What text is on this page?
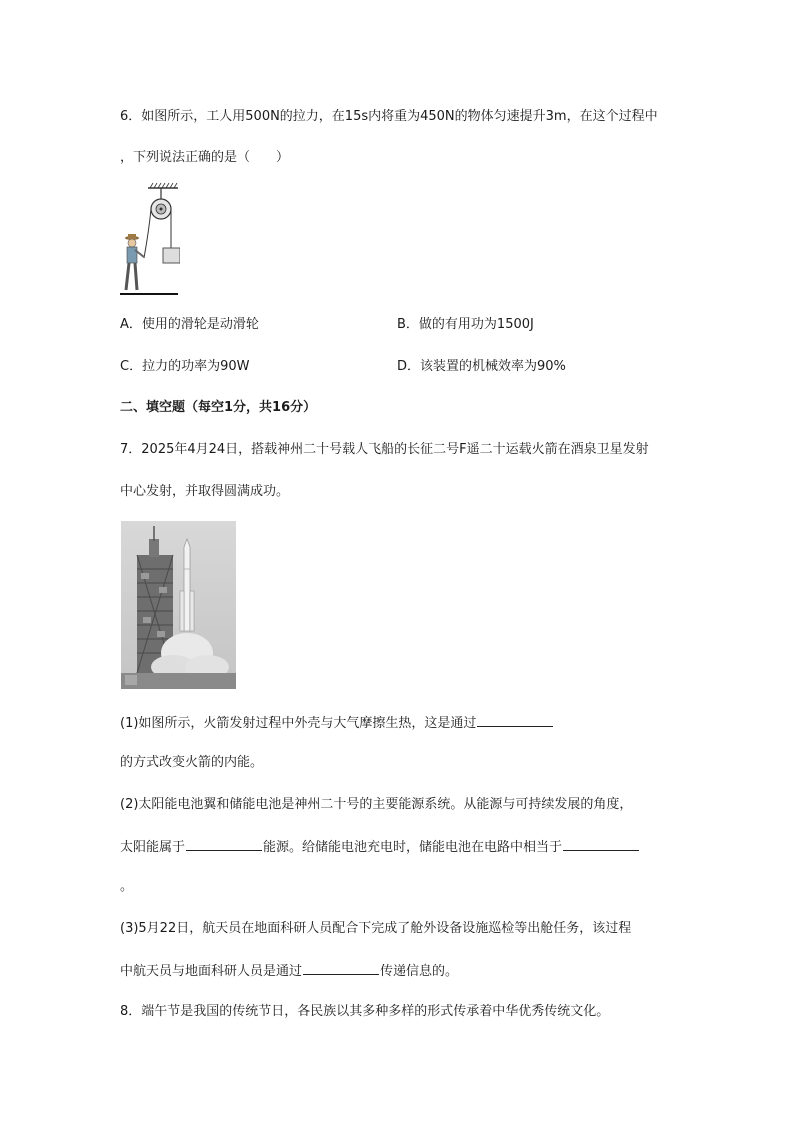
6．如图所示，工人用500N的拉力，在15s内将重为450N的物体匀速提升3m，在这个过程中
，下列说法正确的是（　　）
A．使用的滑轮是动滑轮	B．做的有用功为1500J
C．拉力的功率为90W	D．该装置的机械效率为90%
二、填空题（每空1分，共16分）
7．2025年4月24日，搭载神州二十号载人飞船的长征二号F遥二十运载火箭在酒泉卫星发射
中心发射，并取得圆满成功。
(1)如图所示，火箭发射过程中外壳与大气摩擦生热，这是通过
的方式改变火箭的内能。
(2)太阳能电池翼和储能电池是神州二十号的主要能源系统。从能源与可持续发展的角度，
太阳能属于	能源。给储能电池充电时，储能电池在电路中相当于
。
(3)5月22日，航天员在地面科研人员配合下完成了舱外设备设施巡检等出舱任务，该过程
中航天员与地面科研人员是通过	传递信息的。
8．端午节是我国的传统节日，各民族以其多种多样的形式传承着中华优秀传统文化。
